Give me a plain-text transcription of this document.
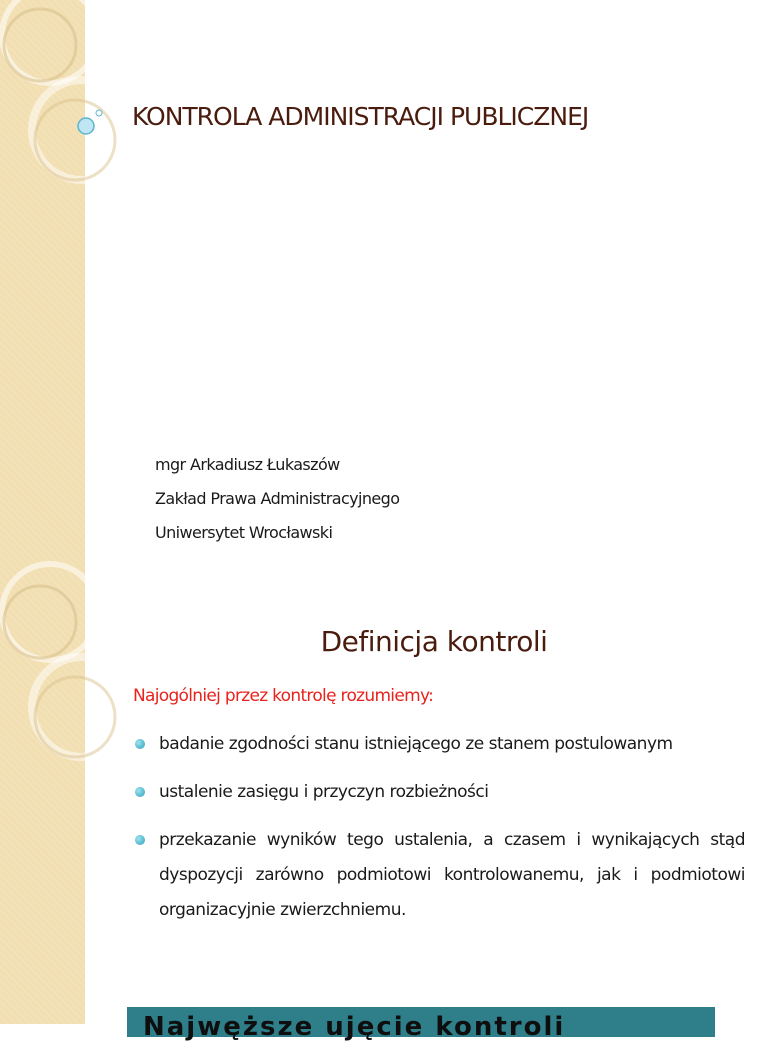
KONTROLA ADMINISTRACJI PUBLICZNEJ
mgr Arkadiusz Łukaszów
Zakład Prawa Administracyjnego
Uniwersytet Wrocławski
Definicja kontroli
Najogólniej przez kontrolę rozumiemy:
badanie zgodności stanu istniejącego ze stanem postulowanym
ustalenie zasięgu i przyczyn rozbieżności
przekazanie wyników tego ustalenia, a czasem i wynikających stąd dyspozycji zarówno podmiotowi kontrolowanemu, jak i podmiotowi organizacyjnie zwierzchniemu.
Najwęższe ujęcie kontroli
